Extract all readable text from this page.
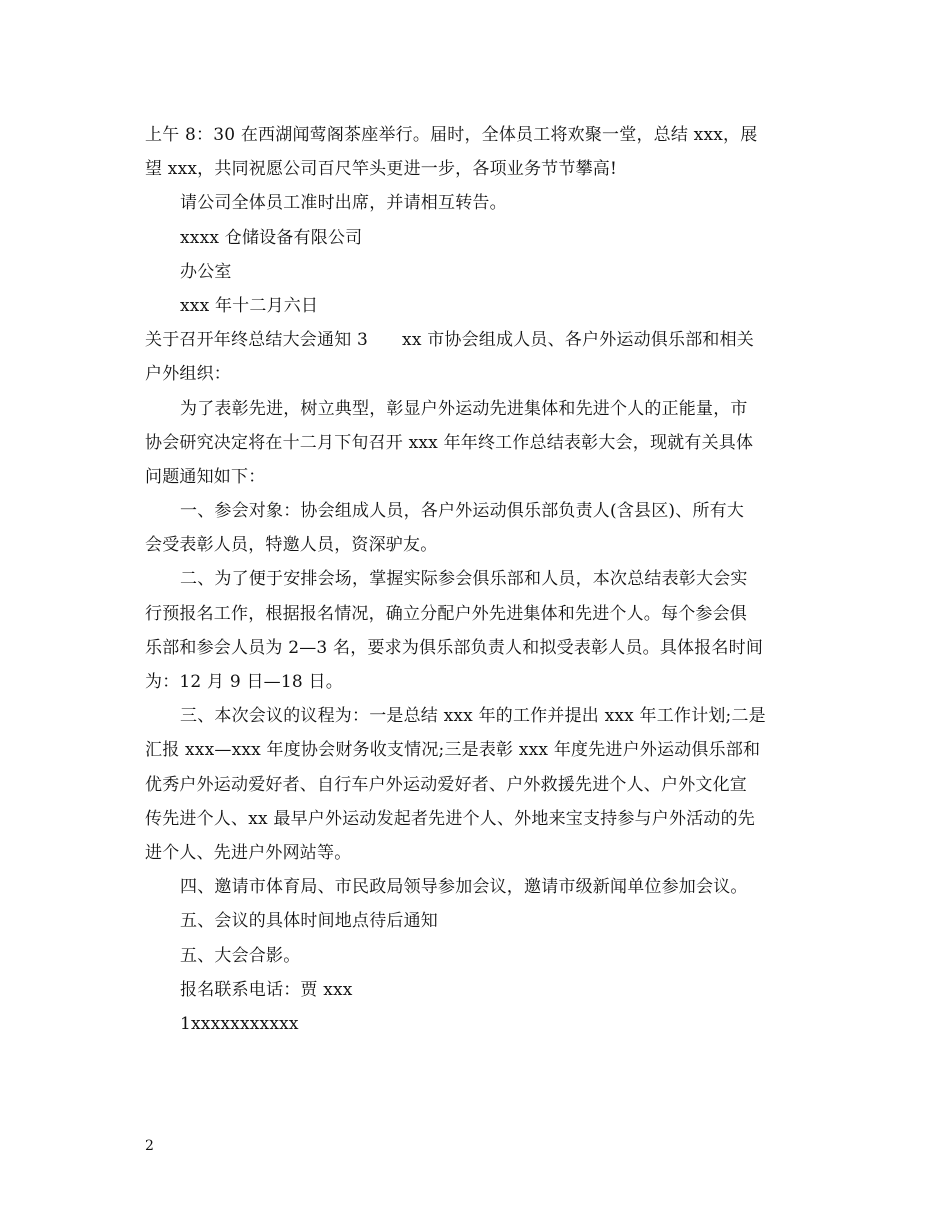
上午 8：30 在西湖闻莺阁茶座举行。届时，全体员工将欢聚一堂，总结 xxx，展
望 xxx，共同祝愿公司百尺竿头更进一步，各项业务节节攀高!
请公司全体员工准时出席，并请相互转告。
xxxx 仓储设备有限公司
办公室
xxx 年十二月六日
关于召开年终总结大会通知 3 xx 市协会组成人员、各户外运动俱乐部和相关
户外组织：
为了表彰先进，树立典型，彰显户外运动先进集体和先进个人的正能量，市
协会研究决定将在十二月下旬召开 xxx 年年终工作总结表彰大会，现就有关具体
问题通知如下：
一、参会对象：协会组成人员，各户外运动俱乐部负责人(含县区)、所有大
会受表彰人员，特邀人员，资深驴友。
二、为了便于安排会场，掌握实际参会俱乐部和人员，本次总结表彰大会实
行预报名工作，根据报名情况，确立分配户外先进集体和先进个人。每个参会俱
乐部和参会人员为 2—3 名，要求为俱乐部负责人和拟受表彰人员。具体报名时间
为：12 月 9 日—18 日。
三、本次会议的议程为：一是总结 xxx 年的工作并提出 xxx 年工作计划;二是
汇报 xxx—xxx 年度协会财务收支情况;三是表彰 xxx 年度先进户外运动俱乐部和
优秀户外运动爱好者、自行车户外运动爱好者、户外救援先进个人、户外文化宣
传先进个人、xx 最早户外运动发起者先进个人、外地来宝支持参与户外活动的先
进个人、先进户外网站等。
四、邀请市体育局、市民政局领导参加会议，邀请市级新闻单位参加会议。
五、会议的具体时间地点待后通知
五、大会合影。
报名联系电话：贾 xxx
1xxxxxxxxxxx
2
